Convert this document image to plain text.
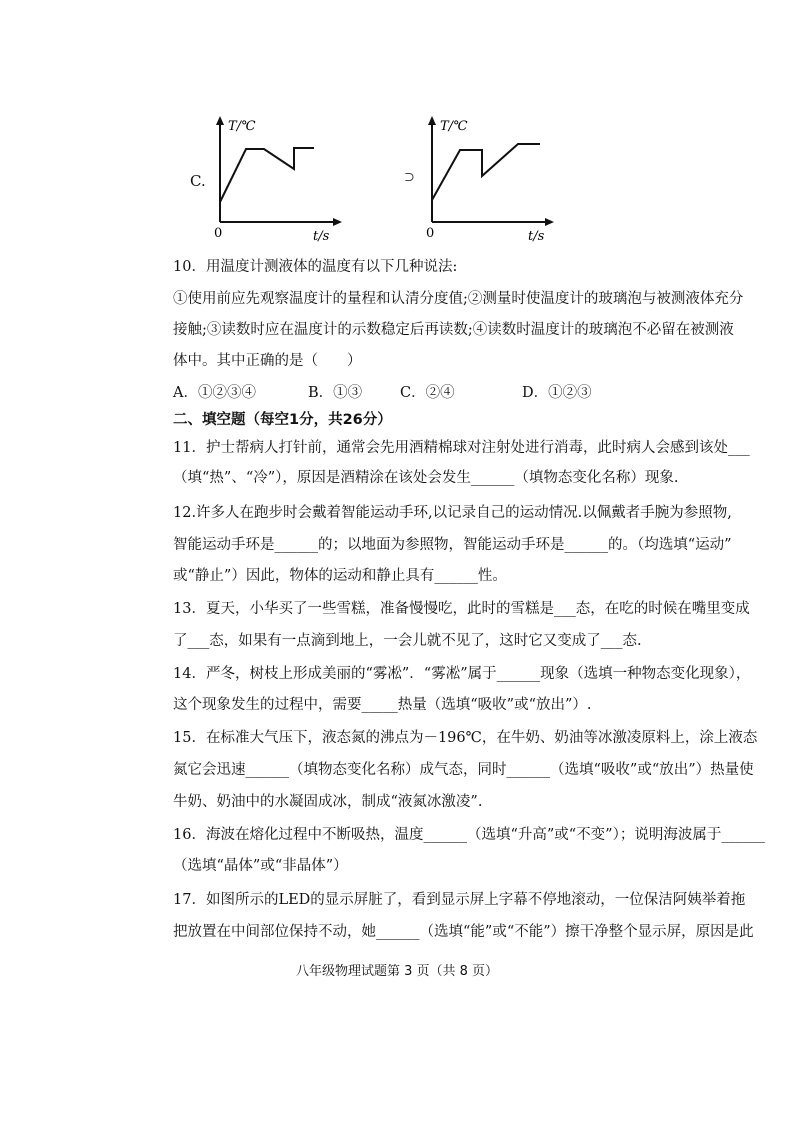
C.
T/℃
0	t/s
⊃
T/℃
0	t/s
10．用温度计测液体的温度有以下几种说法:
①使用前应先观察温度计的量程和认清分度值;②测量时使温度计的玻璃泡与被测液体充分
接触;③读数时应在温度计的示数稳定后再读数;④读数时温度计的玻璃泡不必留在被测液
体中。其中正确的是（　　）
A．①②③④	B．①③	C．②④	D．①②③
二、填空题（每空1分，共26分）
11．护士帮病人打针前，通常会先用酒精棉球对注射处进行消毒，此时病人会感到该处___
（填“热”、“冷”），原因是酒精涂在该处会发生______（填物态变化名称）现象.
12.许多人在跑步时会戴着智能运动手环,以记录自己的运动情况.以佩戴者手腕为参照物,
智能运动手环是______的；以地面为参照物，智能运动手环是______的。（均选填“运动”
或“静止”）因此，物体的运动和静止具有______性。
13．夏天，小华买了一些雪糕，准备慢慢吃，此时的雪糕是___态，在吃的时候在嘴里变成
了___态，如果有一点滴到地上，一会儿就不见了，这时它又变成了___态.
14．严冬，树枝上形成美丽的“雾凇”．“雾凇”属于______现象（选填一种物态变化现象），
这个现象发生的过程中，需要_____热量（选填“吸收”或“放出”）.
15．在标准大气压下，液态氮的沸点为－196℃，在牛奶、奶油等冰激凌原料上，涂上液态
氮它会迅速______（填物态变化名称）成气态，同时______（选填“吸收”或“放出”）热量使
牛奶、奶油中的水凝固成冰，制成“液氮冰激凌”.
16．海波在熔化过程中不断吸热，温度______（选填“升高”或“不变”）；说明海波属于______
（选填“晶体”或“非晶体”）
17．如图所示的LED的显示屏脏了，看到显示屏上字幕不停地滚动，一位保洁阿姨举着拖
把放置在中间部位保持不动，她______（选填“能”或“不能”）擦干净整个显示屏，原因是此
八年级物理试题第 3 页（共 8 页）
